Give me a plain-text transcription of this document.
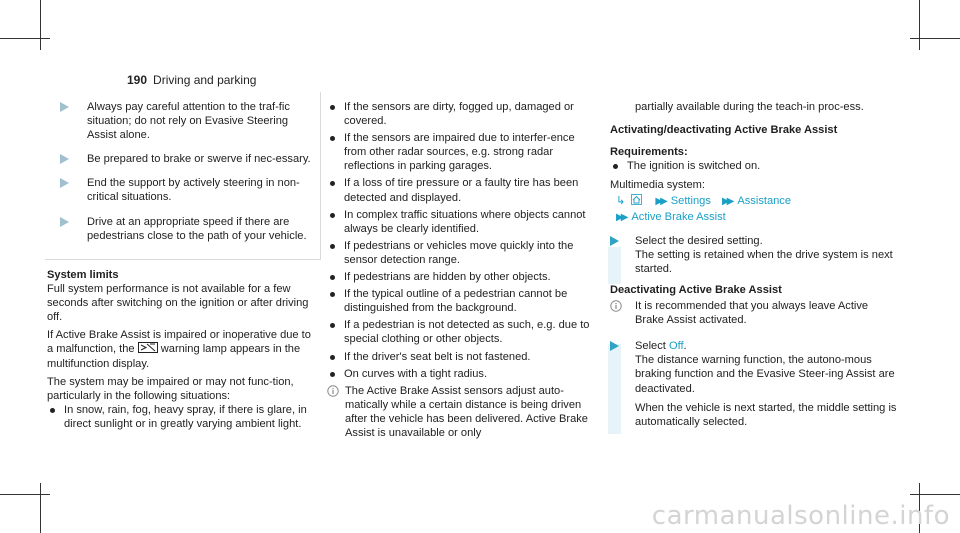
190 Driving and parking

Always pay careful attention to the traf-fic situation; do not rely on Evasive Steering Assist alone.

Be prepared to brake or swerve if nec-essary.

End the support by actively steering in non-critical situations.

Drive at an appropriate speed if there are pedestrians close to the path of your vehicle.

System limits

Full system performance is not available for a few seconds after switching on the ignition or after driving off.

If Active Brake Assist is impaired or inoperative due to a malfunction, the warning lamp appears in the multifunction display.

The system may be impaired or may not func-tion, particularly in the following situations:

In snow, rain, fog, heavy spray, if there is glare, in direct sunlight or in greatly varying ambient light.
If the sensors are dirty, fogged up, damaged or covered.
If the sensors are impaired due to interfer-ence from other radar sources, e.g. strong radar reflections in parking garages.
If a loss of tire pressure or a faulty tire has been detected and displayed.
In complex traffic situations where objects cannot always be clearly identified.
If pedestrians or vehicles move quickly into the sensor detection range.
If pedestrians are hidden by other objects.
If the typical outline of a pedestrian cannot be distinguished from the background.
If a pedestrian is not detected as such, e.g. due to special clothing or other objects.
If the driver's seat belt is not fastened.
On curves with a tight radius.

The Active Brake Assist sensors adjust auto-matically while a certain distance is being driven after the vehicle has been delivered. Active Brake Assist is unavailable or only

partially available during the teach-in proc-ess.

Activating/deactivating Active Brake Assist

Requirements:

The ignition is switched on.

Multimedia system:

↳	▶▶ Settings ▶▶ Assistance

▶▶ Active Brake Assist

Select the desired setting.

The setting is retained when the drive system is next started.

Deactivating Active Brake Assist

It is recommended that you always leave Active Brake Assist activated.

Select Off.

The distance warning function, the autono-mous braking function and the Evasive Steer-ing Assist are deactivated.

When the vehicle is next started, the middle setting is automatically selected.

carmanualsonline.info
